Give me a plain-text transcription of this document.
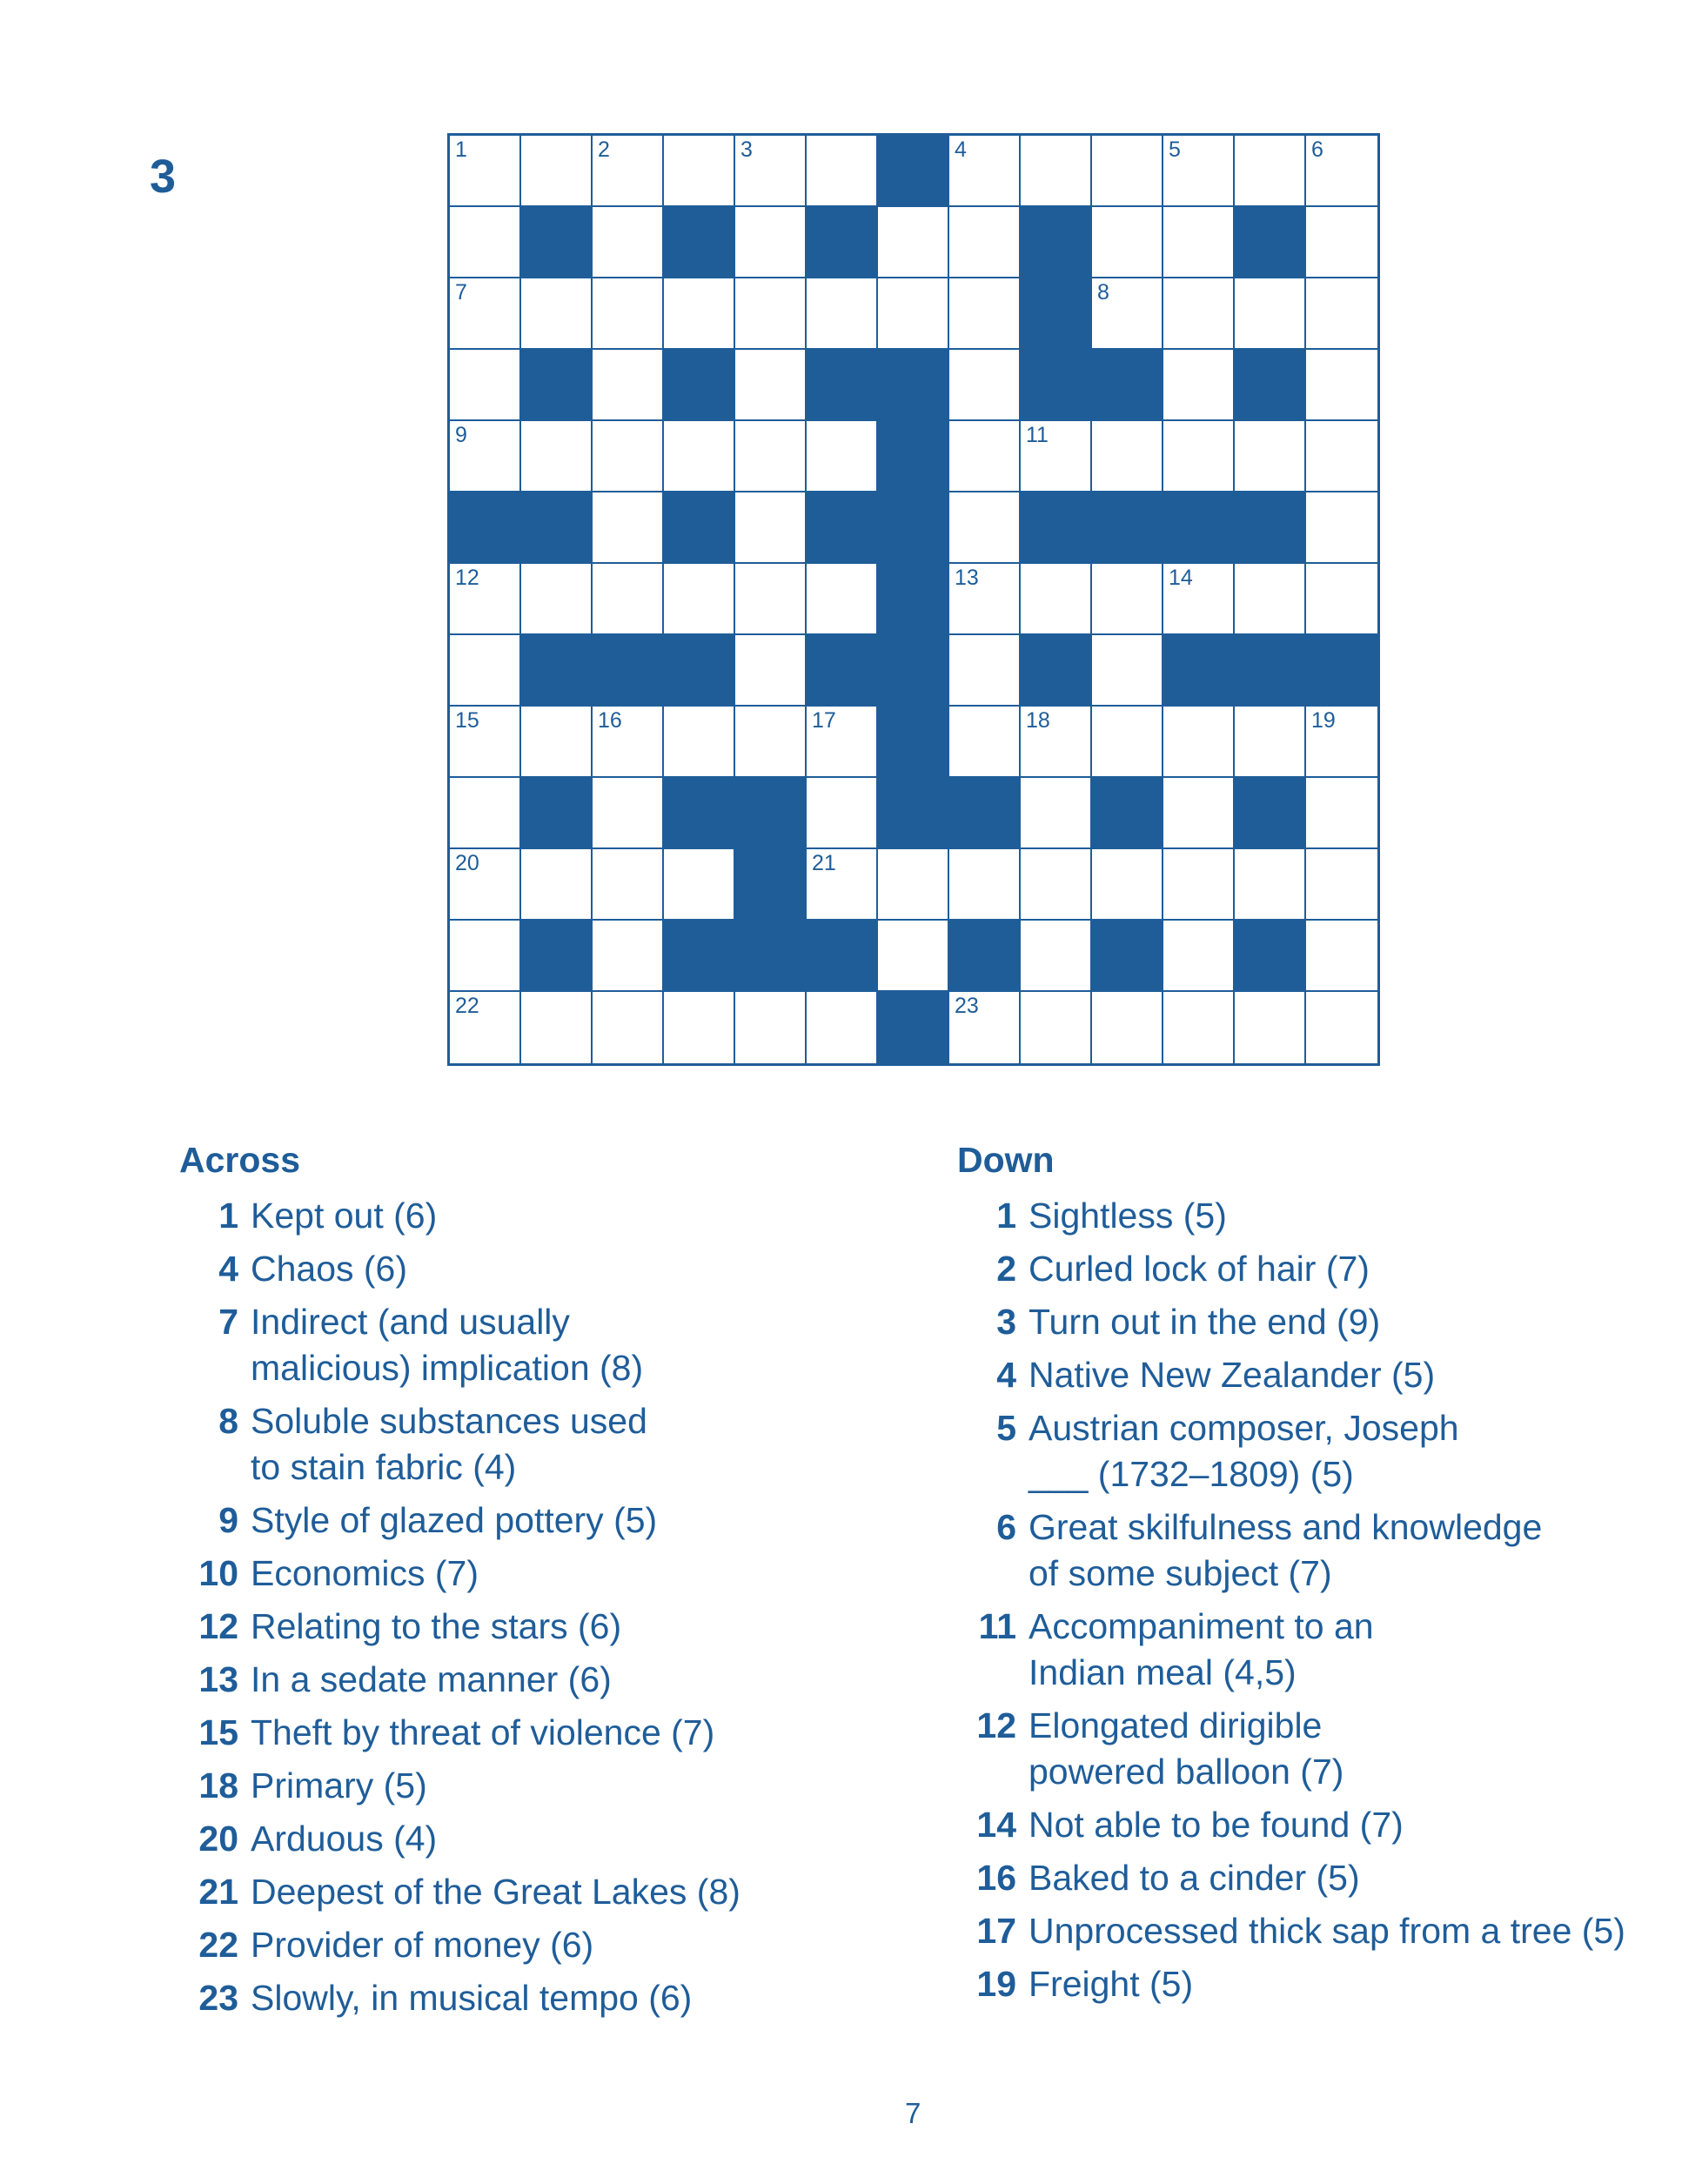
3
1	2	3	4	5	6
7	8
9	11
12	13	14
15	16	17	18	19
20	21
22	23
Across
1 Kept out (6)
4 Chaos (6)
7 Indirect (and usually
malicious) implication (8)
8 Soluble substances used
to stain fabric (4)
9 Style of glazed pottery (5)
10 Economics (7)
12 Relating to the stars (6)
13 In a sedate manner (6)
15 Theft by threat of violence (7)
18 Primary (5)
20 Arduous (4)
21 Deepest of the Great Lakes (8)
22 Provider of money (6)
23 Slowly, in musical tempo (6)
Down
1 Sightless (5)
2 Curled lock of hair (7)
3 Turn out in the end (9)
4 Native New Zealander (5)
5 Austrian composer, Joseph
___ (1732–1809) (5)
6 Great skilfulness and knowledge
of some subject (7)
11 Accompaniment to an
Indian meal (4,5)
12 Elongated dirigible
powered balloon (7)
14 Not able to be found (7)
16 Baked to a cinder (5)
17 Unprocessed thick sap from a tree (5)
19 Freight (5)
7
